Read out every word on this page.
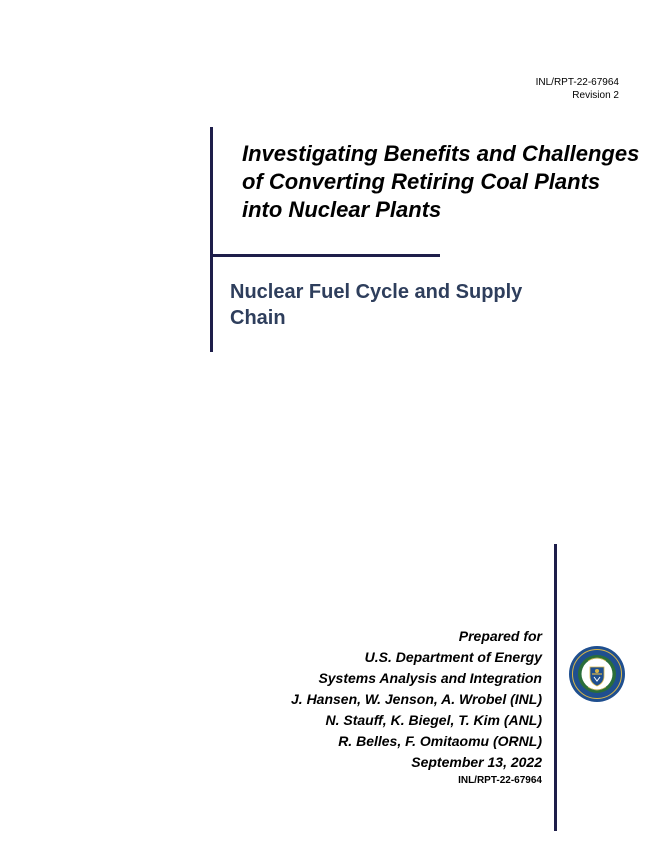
INL/RPT-22-67964
Revision 2
Investigating Benefits and Challenges of Converting Retiring Coal Plants into Nuclear Plants
Nuclear Fuel Cycle and Supply Chain
Prepared for
U.S. Department of Energy
Systems Analysis and Integration
J. Hansen, W. Jenson, A. Wrobel (INL)
N. Stauff, K. Biegel, T. Kim (ANL)
R. Belles, F. Omitaomu (ORNL)
September 13, 2022
INL/RPT-22-67964
